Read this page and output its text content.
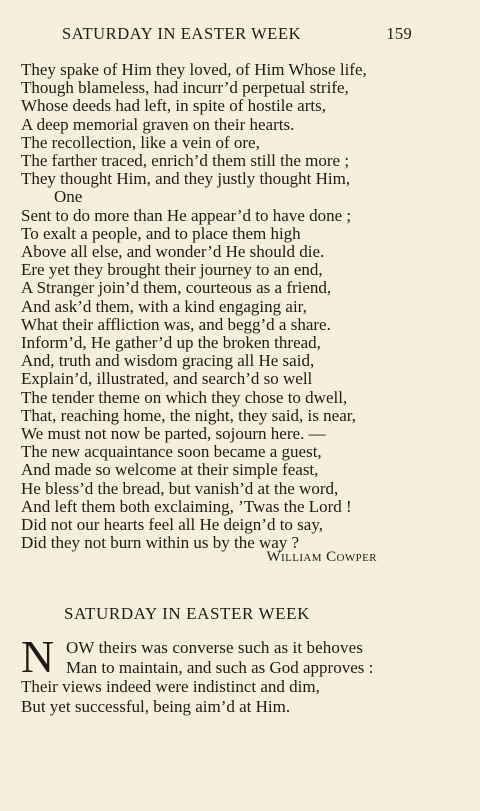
SATURDAY IN EASTER WEEK	159
They spake of Him they loved, of Him Whose life,
Though blameless, had incurr’d perpetual strife,
Whose deeds had left, in spite of hostile arts,
A deep memorial graven on their hearts.
The recollection, like a vein of ore,
The farther traced, enrich’d them still the more ;
They thought Him, and they justly thought Him,
One
Sent to do more than He appear’d to have done ;
To exalt a people, and to place them high
Above all else, and wonder’d He should die.
Ere yet they brought their journey to an end,
A Stranger join’d them, courteous as a friend,
And ask’d them, with a kind engaging air,
What their affliction was, and begg’d a share.
Inform’d, He gather’d up the broken thread,
And, truth and wisdom gracing all He said,
Explain’d, illustrated, and search’d so well
The tender theme on which they chose to dwell,
That, reaching home, the night, they said, is near,
We must not now be parted, sojourn here. —
The new acquaintance soon became a guest,
And made so welcome at their simple feast,
He bless’d the bread, but vanish’d at the word,
And left them both exclaiming, ’Twas the Lord !
Did not our hearts feel all He deign’d to say,
Did they not burn within us by the way ?
William Cowper
SATURDAY IN EASTER WEEK
N OW theirs was converse such as it behoves
Man to maintain, and such as God approves :
Their views indeed were indistinct and dim,
But yet successful, being aim’d at Him.
